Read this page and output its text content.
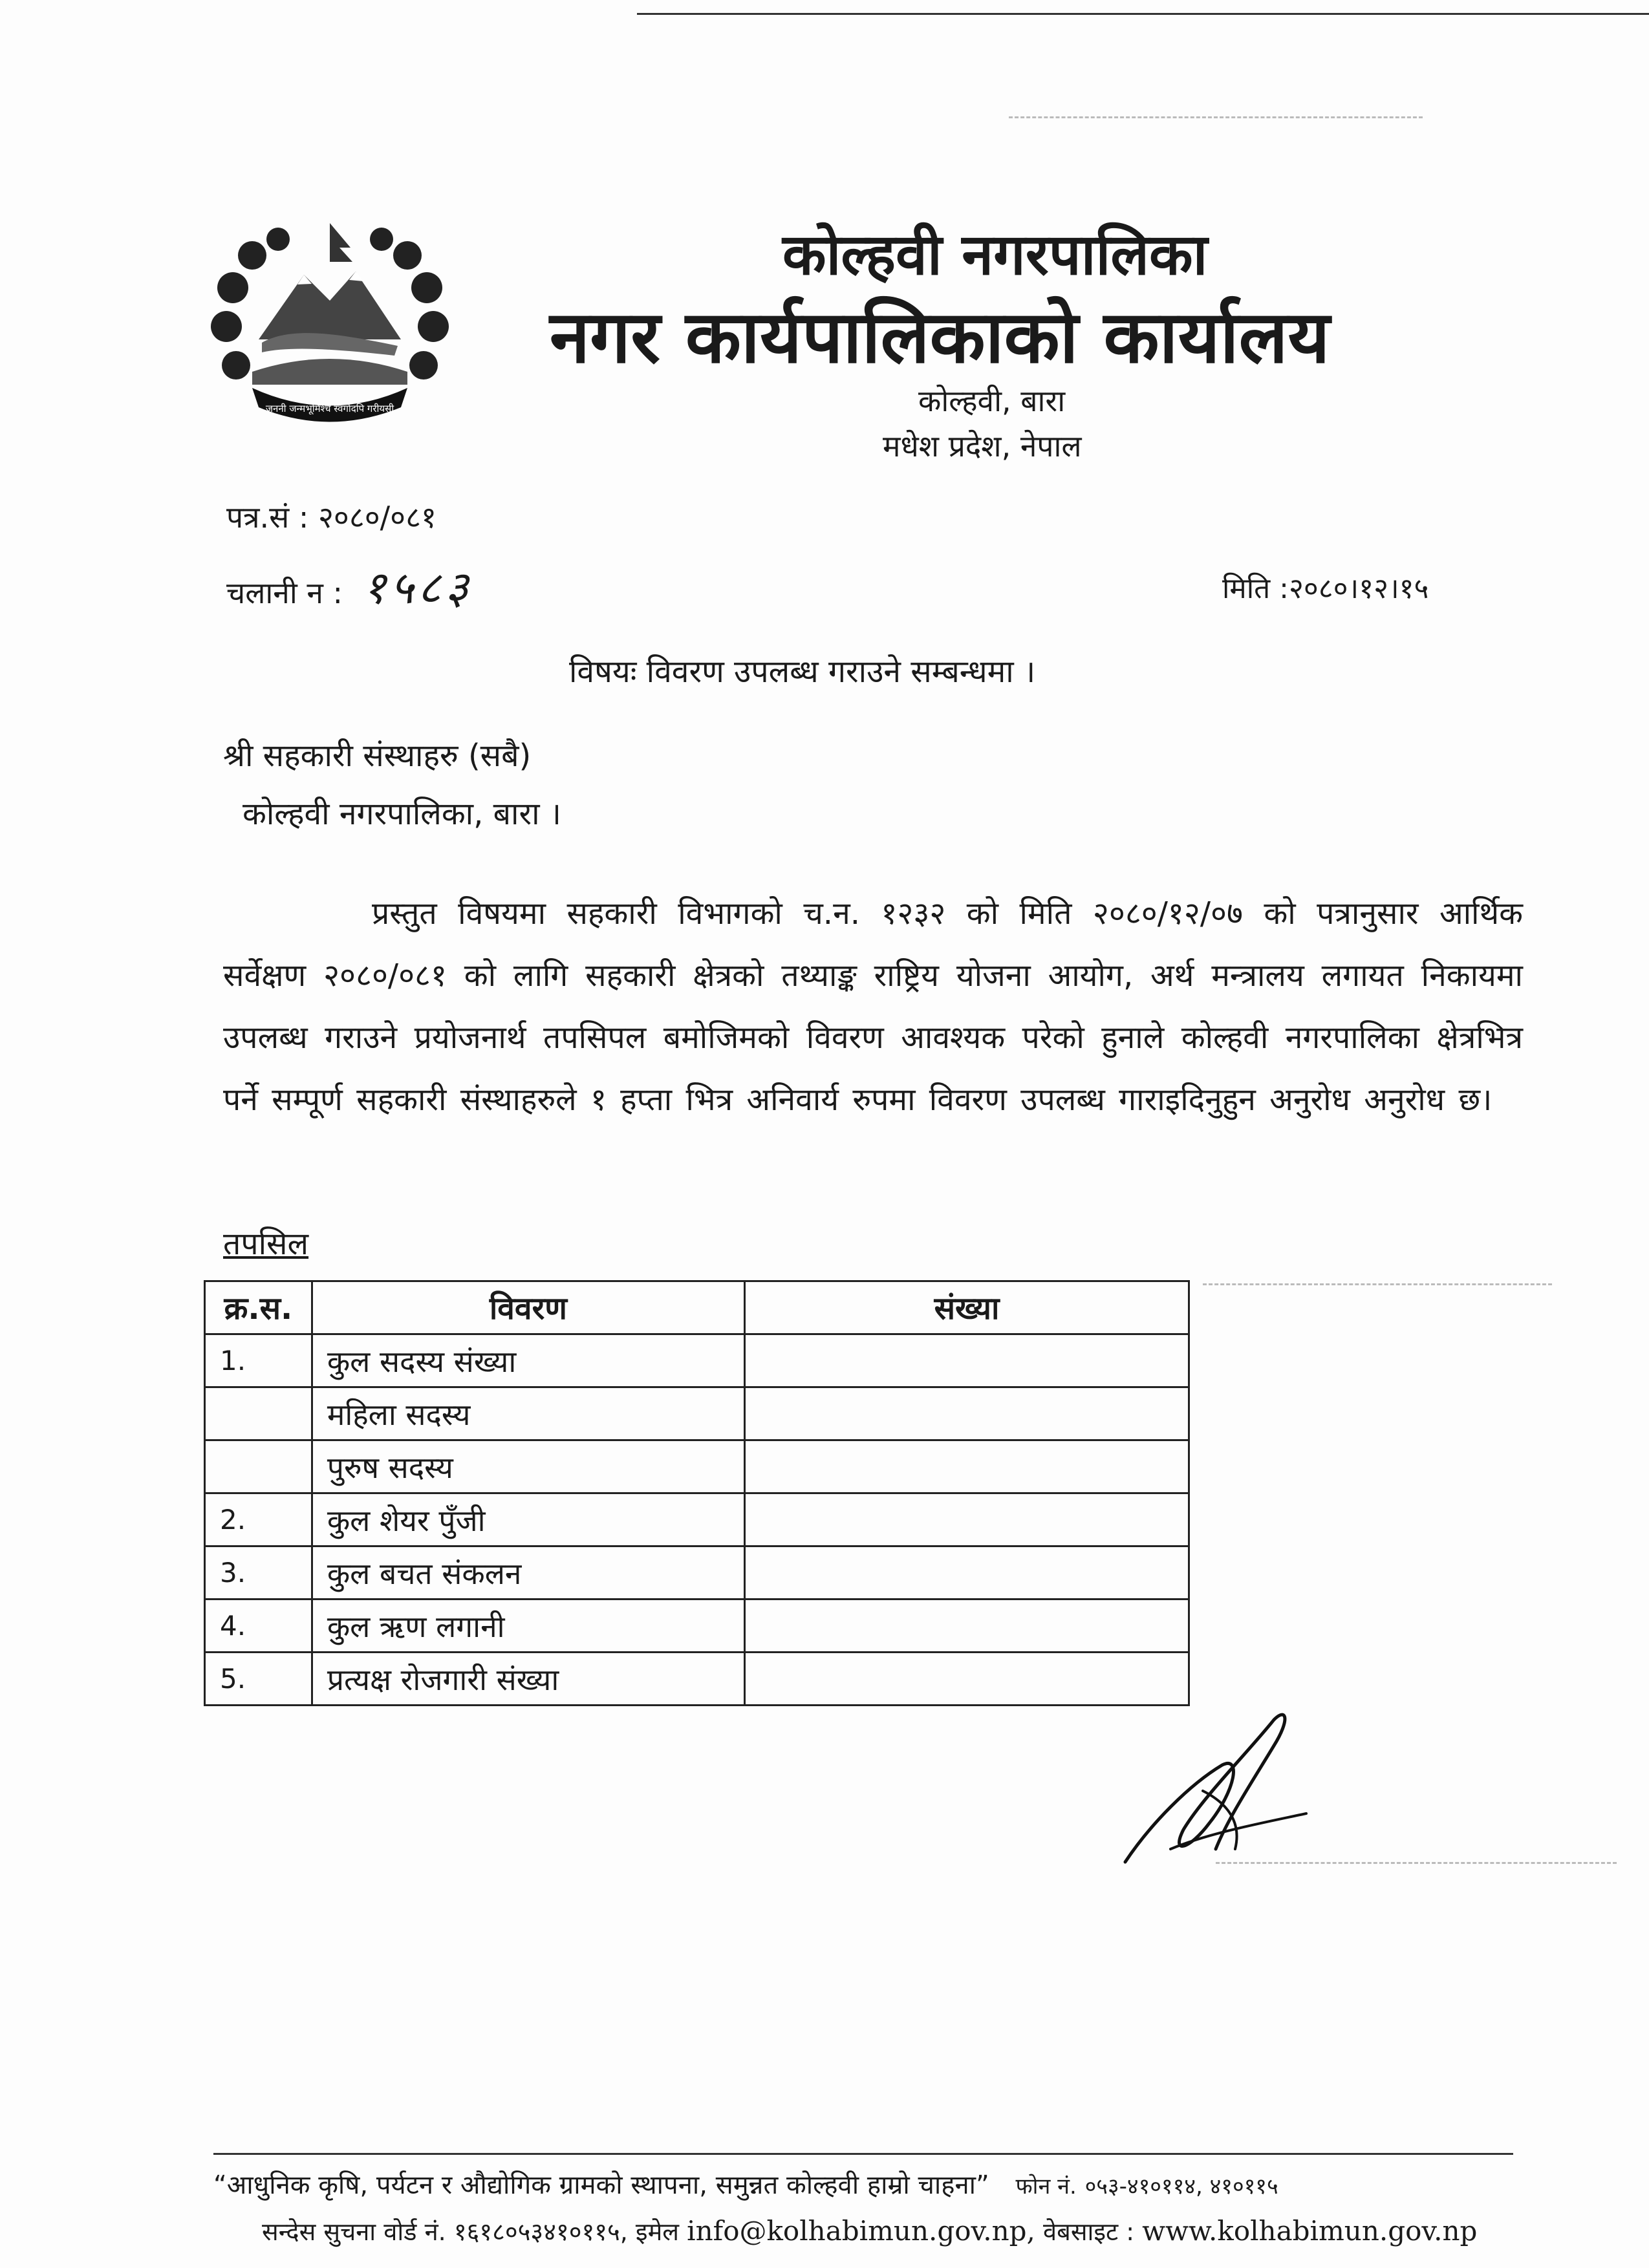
जननी जन्मभूमिश्च स्वर्गादपि गरीयसी
कोल्हवी नगरपालिका
नगर कार्यपालिकाको कार्यालय
कोल्हवी, बारा
मधेश प्रदेश, नेपाल
पत्र.सं : २०८०/०८१
चलानी न : १५८३	मिति :२०८०।१२।१५
विषयः विवरण उपलब्ध गराउने सम्बन्धमा ।
श्री सहकारी संस्थाहरु (सबै)
कोल्हवी नगरपालिका, बारा ।
प्रस्तुत विषयमा सहकारी विभागको च.न. १२३२ को मिति २०८०/१२/०७ को पत्रानुसार आर्थिक सर्वेक्षण २०८०/०८१ को लागि सहकारी क्षेत्रको तथ्याङ्क राष्ट्रिय योजना आयोग, अर्थ मन्त्रालय लगायत निकायमा उपलब्ध गराउने प्रयोजनार्थ तपसिपल बमोजिमको विवरण आवश्यक परेको हुनाले कोल्हवी नगरपालिका क्षेत्रभित्र पर्ने सम्पूर्ण सहकारी संस्थाहरुले १ हप्ता भित्र अनिवार्य रुपमा विवरण उपलब्ध गाराइदिनुहुन अनुरोध अनुरोध छ।
तपसिल
क्र.स.	विवरण	संख्या
1.	कुल सदस्य संख्या	
	महिला सदस्य	
	पुरुष सदस्य	
2.	कुल शेयर पुँजी	
3.	कुल बचत संकलन	
4.	कुल ऋण लगानी	
5.	प्रत्यक्ष रोजगारी संख्या	
“आधुनिक कृषि, पर्यटन र औद्योगिक ग्रामको स्थापना, समुन्नत कोल्हवी हाम्रो चाहना” फोन नं. ०५३-४१०११४, ४१०११५
सन्देस सुचना वोर्ड नं. १६१८०५३४१०११५, इमेल info@kolhabimun.gov.np, वेबसाइट : www.kolhabimun.gov.np
